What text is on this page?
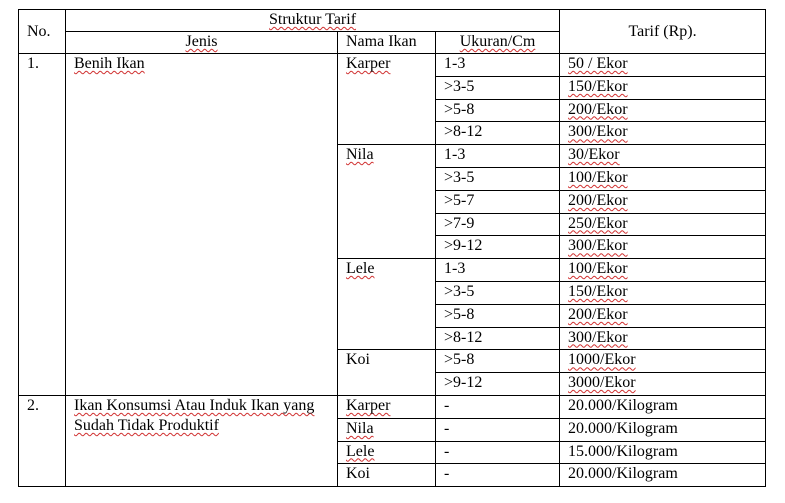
No.	Struktur Tarif			Tarif (Rp).
	Jenis	Nama Ikan	Ukuran/Cm	
1.	Benih Ikan	Karper	1-3	50 / Ekor
			>3-5	150/Ekor
			>5-8	200/Ekor
			>8-12	300/Ekor
		Nila	1-3	30/Ekor
			>3-5	100/Ekor
			>5-7	200/Ekor
			>7-9	250/Ekor
			>9-12	300/Ekor
		Lele	1-3	100/Ekor
			>3-5	150/Ekor
			>5-8	200/Ekor
			>8-12	300/Ekor
		Koi	>5-8	1000/Ekor
			>9-12	3000/Ekor
2.	Ikan Konsumsi Atau Induk Ikan yang Sudah Tidak Produktif	Karper	-	20.000/Kilogram
		Nila	-	20.000/Kilogram
		Lele	-	15.000/Kilogram
		Koi	-	20.000/Kilogram
